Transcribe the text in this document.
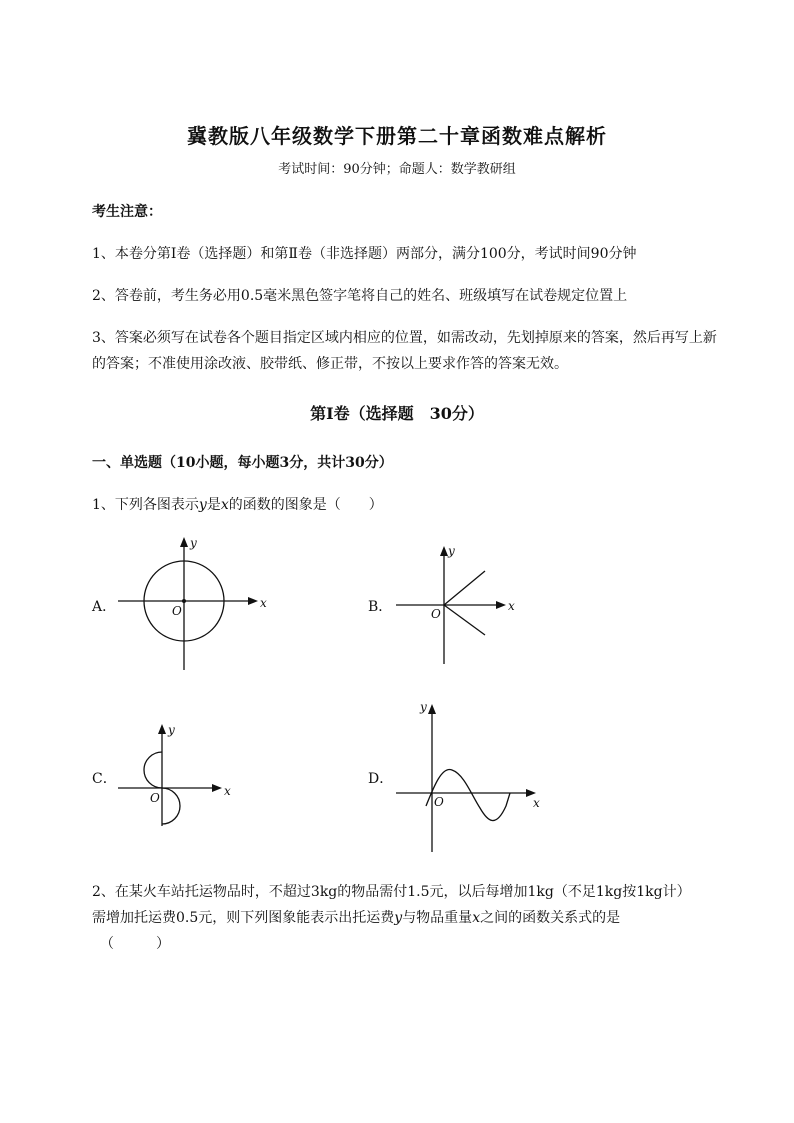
冀教版八年级数学下册第二十章函数难点解析
考试时间：90分钟；命题人：数学教研组
考生注意：
1、本卷分第I卷（选择题）和第Ⅱ卷（非选择题）两部分，满分100分，考试时间90分钟
2、答卷前，考生务必用0.5毫米黑色签字笔将自己的姓名、班级填写在试卷规定位置上
3、答案必须写在试卷各个题目指定区域内相应的位置，如需改动，先划掉原来的答案，然后再写上新
的答案；不准使用涂改液、胶带纸、修正带，不按以上要求作答的答案无效。
第I卷（选择题　30分）
一、单选题（10小题，每小题3分，共计30分）
1、下列各图表示y是x的函数的图象是（　　）
A．	x
y
O	B．	x
y
O
C．
x
y
O
D．
x
y
O
2、在某火车站托运物品时，不超过3kg的物品需付1.5元，以后每增加1kg（不足1kg按1kg计）
需增加托运费0.5元，则下列图象能表示出托运费y与物品重量x之间的函数关系式的是
（　　　）
